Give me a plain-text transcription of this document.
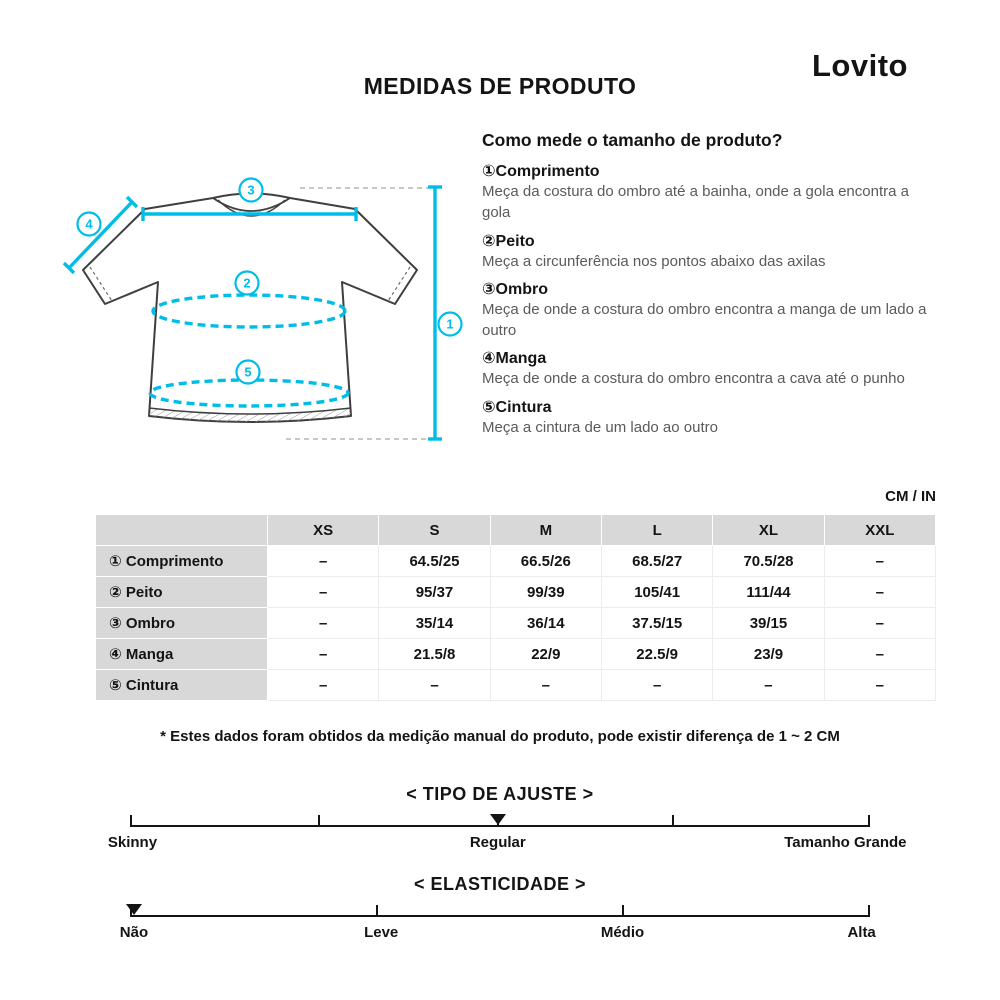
MEDIDAS DE PRODUTO
Lovito
3
4
2
1
5
Como mede o tamanho de produto?
①Comprimento
Meça da costura do ombro até a bainha, onde a gola encontra a gola
②Peito
Meça a circunferência nos pontos abaixo das axilas
③Ombro
Meça de onde a costura do ombro encontra a manga de um lado a outro
④Manga
Meça de onde a costura do ombro encontra a cava até o punho
⑤Cintura
Meça a cintura de um lado ao outro
CM / IN
	XS	S	M	L	XL	XXL
① Comprimento	–	64.5/25	66.5/26	68.5/27	70.5/28	–
② Peito	–	95/37	99/39	105/41	111/44	–
③ Ombro	–	35/14	36/14	37.5/15	39/15	–
④ Manga	–	21.5/8	22/9	22.5/9	23/9	–
⑤ Cintura	–	–	–	–	–	–

* Estes dados foram obtidos da medição manual do produto, pode existir diferença de 1 ~ 2 CM

< TIPO DE AJUSTE >
Skinny	Regular	Tamanho Grande
< ELASTICIDADE >
Não	Leve	Médio	Alta
